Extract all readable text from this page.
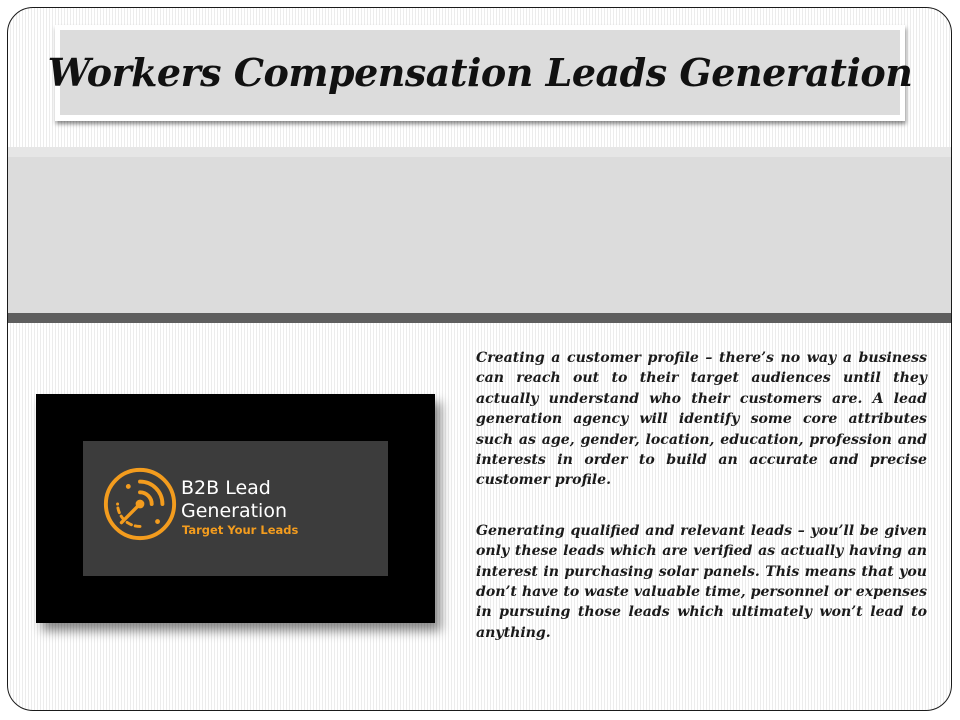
Workers Compensation Leads Generation
B2B Lead
Generation
Target Your Leads

Creating a customer profile – there’s no way a business can reach out to their target audiences until they actually understand who their customers are. A lead generation agency will identify some core attributes such as age, gender, location, education, profession and interests in order to build an accurate and precise customer profile.

Generating qualified and relevant leads – you’ll be given only these leads which are verified as actually having an interest in purchasing solar panels. This means that you don’t have to waste valuable time, personnel or expenses in pursuing those leads which ultimately won’t lead to anything.
